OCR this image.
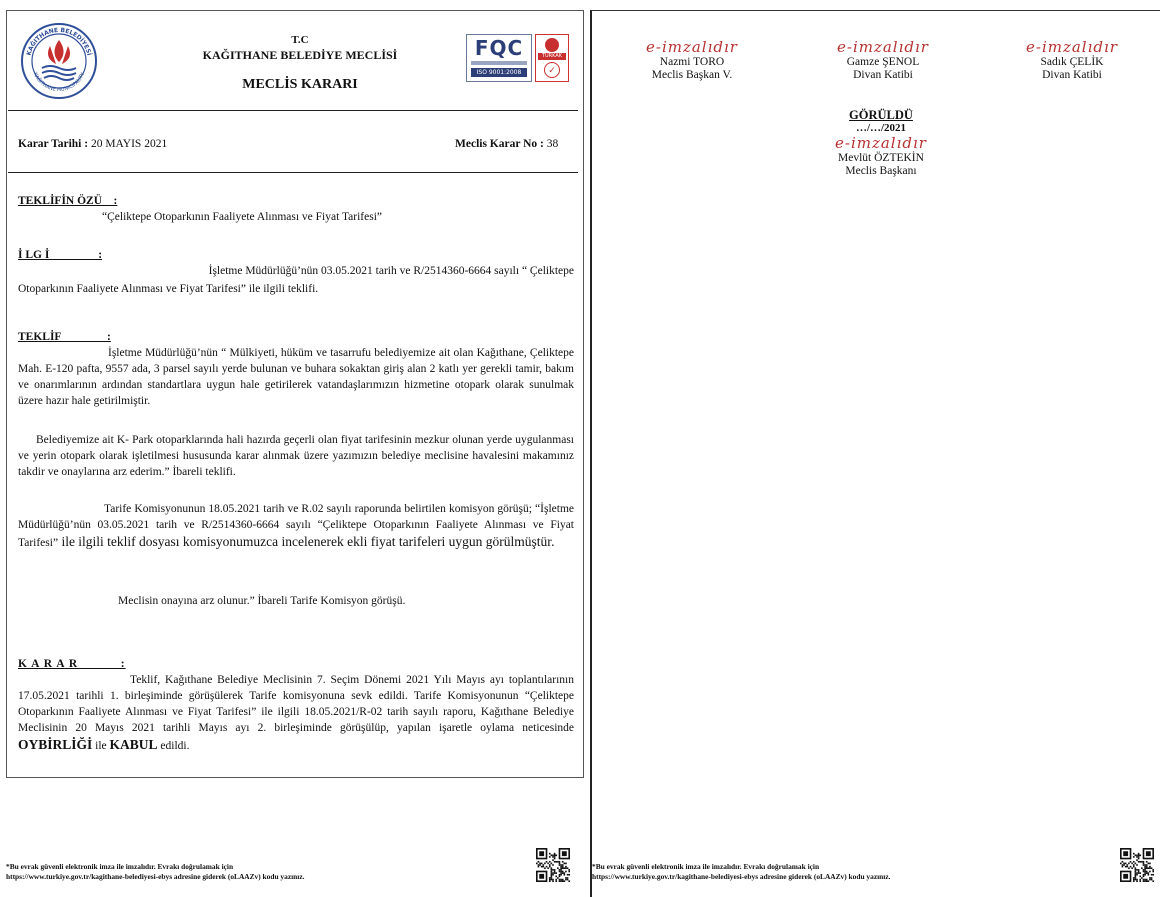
KAĞITHANE BELEDİYESİ
KAĞITHANE MUNICIPALITY
T.C
KAĞITHANE BELEDİYE MECLİSİ
MECLİS KARARI
FQC
ISO 9001:2008
TÜRKAK
✓
Karar Tarihi : 20 MAYIS 2021	Meclis Karar No : 38
TEKLİFİN ÖZÜ    :
“Çeliktepe Otoparkının Faaliyete Alınması ve Fiyat Tarifesi”
İ LG İ                 :
İşletme Müdürlüğü’nün 03.05.2021 tarih ve R/2514360-6664 sayılı “ Çeliktepe
Otoparkının Faaliyete Alınması ve Fiyat Tarifesi” ile ilgili teklifi.
TEKLİF                :
İşletme Müdürlüğü’nün “ Mülkiyeti, hüküm ve tasarrufu belediyemize ait olan Kağıthane, Çeliktepe Mah. E-120 pafta, 9557 ada, 3 parsel sayılı yerde bulunan ve buhara sokaktan giriş alan 2 katlı yer gerekli tamir, bakım ve onarımlarının ardından standartlara uygun hale getirilerek vatandaşlarımızın hizmetine otopark olarak sunulmak üzere hazır hale getirilmiştir.
Belediyemize ait K- Park otoparklarında hali hazırda geçerli olan fiyat tarifesinin mezkur olunan yerde uygulanması ve yerin otopark olarak işletilmesi hususunda karar alınmak üzere yazımızın belediye meclisine havalesini makamınız takdir ve onaylarına arz ederim.” İbareli teklifi.
Tarife Komisyonunun 18.05.2021 tarih ve R.02 sayılı raporunda belirtilen komisyon görüşü; “İşletme Müdürlüğü’nün 03.05.2021 tarih ve R/2514360-6664 sayılı “Çeliktepe Otoparkının Faaliyete Alınması ve Fiyat Tarifesi” ile ilgili teklif dosyası komisyonumuzca incelenerek ekli fiyat tarifeleri uygun görülmüştür.
Meclisin onayına arz olunur.” İbareli Tarife Komisyon görüşü.
K A R A R           :
Teklif, Kağıthane Belediye Meclisinin 7. Seçim Dönemi 2021 Yılı Mayıs ayı toplantılarının 17.05.2021 tarihli 1. birleşiminde görüşülerek Tarife komisyonuna sevk edildi. Tarife Komisyonunun “Çeliktepe Otoparkının Faaliyete Alınması ve Fiyat Tarifesi” ile ilgili 18.05.2021/R-02 tarih sayılı raporu, Kağıthane Belediye Meclisinin 20 Mayıs 2021 tarihli Mayıs ayı 2. birleşiminde görüşülüp, yapılan işaretle oylama neticesinde OYBİRLİĞİ ile KABUL edildi.
*Bu evrak güvenli elektronik imza ile imzalıdır. Evrakı doğrulamak için
https://www.turkiye.gov.tr/kagithane-belediyesi-ebys adresine giderek (oLAAZv) kodu yazınız.
e-imzalıdır
Nazmi TORO
Meclis Başkan V.
e-imzalıdır
Gamze ŞENOL
Divan Katibi
e-imzalıdır
Sadık ÇELİK
Divan Katibi
GÖRÜLDÜ
…/…/2021
e-imzalıdır
Mevlüt ÖZTEKİN
Meclis Başkanı
*Bu evrak güvenli elektronik imza ile imzalıdır. Evrakı doğrulamak için
https://www.turkiye.gov.tr/kagithane-belediyesi-ebys adresine giderek (oLAAZv) kodu yazınız.
